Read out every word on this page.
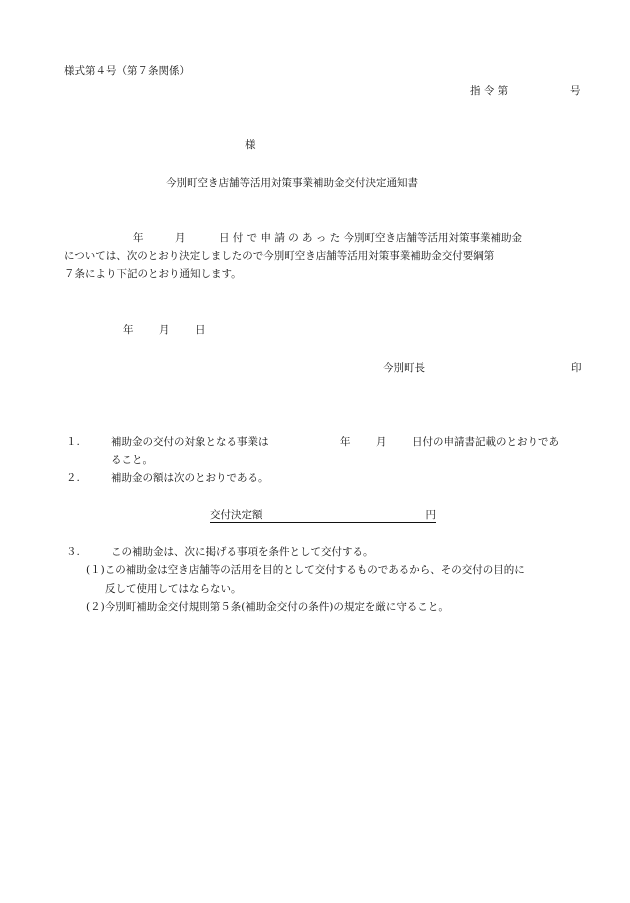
様式第４号（第７条関係）
指 令 第	号
様
今別町空き店舗等活用対策事業補助金交付決定通知書
年	月	日 付 で 申 請 の あ っ た 今別町空き店舗等活用対策事業補助金
については、次のとおり決定しましたので今別町空き店舗等活用対策事業補助金交付要綱第
７条により下記のとおり通知します。
年 月 日
今別町長	印
１.	補助金の交付の対象となる事業は	年 月 日付の申請書記載のとおりであ
ること。
２.	補助金の額は次のとおりである。
交付決定額	円
３.	この補助金は、次に掲げる事項を条件として交付する。
(１)この補助金は空き店舗等の活用を目的として交付するものであるから、その交付の目的に
反して使用してはならない。
(２)今別町補助金交付規則第５条(補助金交付の条件)の規定を厳に守ること。
